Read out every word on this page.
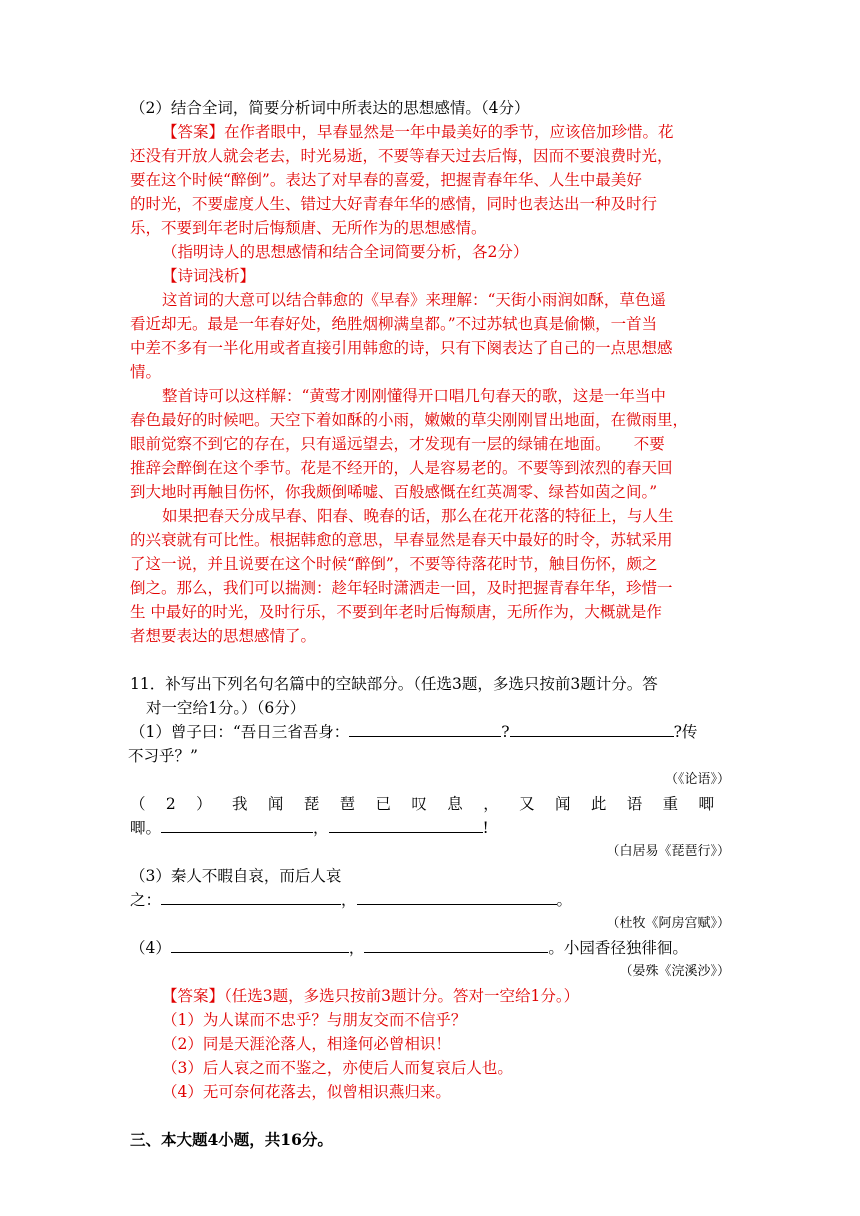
（2）结合全词，简要分析词中所表达的思想感情。（4分）
【答案】在作者眼中，早春显然是一年中最美好的季节，应该倍加珍惜。花
还没有开放人就会老去，时光易逝，不要等春天过去后悔，因而不要浪费时光，
要在这个时候“醉倒”。表达了对早春的喜爱，把握青春年华、人生中最美好
的时光，不要虚度人生、错过大好青春年华的感情，同时也表达出一种及时行
乐，不要到年老时后悔颓唐、无所作为的思想感情。
（指明诗人的思想感情和结合全词简要分析，各2分）
【诗词浅析】
这首词的大意可以结合韩愈的《早春》来理解：“天街小雨润如酥，草色遥
看近却无。最是一年春好处，绝胜烟柳满皇都。”不过苏轼也真是偷懒，一首当
中差不多有一半化用或者直接引用韩愈的诗，只有下阕表达了自己的一点思想感
情。
整首诗可以这样解：“黄莺才刚刚懂得开口唱几句春天的歌，这是一年当中
春色最好的时候吧。天空下着如酥的小雨，嫩嫩的草尖刚刚冒出地面，在微雨里，
眼前觉察不到它的存在，只有遥远望去，才发现有一层的绿铺在地面。　　不要
推辞会醉倒在这个季节。花是不经开的，人是容易老的。不要等到浓烈的春天回
到大地时再触目伤怀，你我颇倒唏嘘、百般感慨在红英凋零、绿苔如茵之间。”
如果把春天分成早春、阳春、晚春的话，那么在花开花落的特征上，与人生
的兴衰就有可比性。根据韩愈的意思，早春显然是春天中最好的时令，苏轼采用
了这一说，并且说要在这个时候“醉倒”，不要等待落花时节，触目伤怀，颇之
倒之。那么，我们可以揣测：趁年轻时潇洒走一回，及时把握青春年华，珍惜一
生 中最好的时光，及时行乐，不要到年老时后悔颓唐，无所作为，大概就是作
者想要表达的思想感情了。
11．补写出下列名句名篇中的空缺部分。（任选3题，多选只按前3题计分。答
对一空给1分。）（6分）
（1）曾子曰：“吾日三省吾身：	?	?传
不习乎？”
（《论语》）
（2）我闻琵琶已叹息，又闻此语重唧
唧。	，	!
（白居易《琵琶行》）
（3）秦人不暇自哀，而后人哀
之：	，	。
（杜牧《阿房宫赋》）
（4）	，	。小园香径独徘徊。
（晏殊《浣溪沙》）
【答案】（任选3题，多选只按前3题计分。答对一空给1分。）
（1）为人谋而不忠乎？与朋友交而不信乎？
（2）同是天涯沦落人，相逢何必曾相识！
（3）后人哀之而不鉴之，亦使后人而复哀后人也。
（4）无可奈何花落去，似曾相识燕归来。
三、本大题4小题，共16分。
